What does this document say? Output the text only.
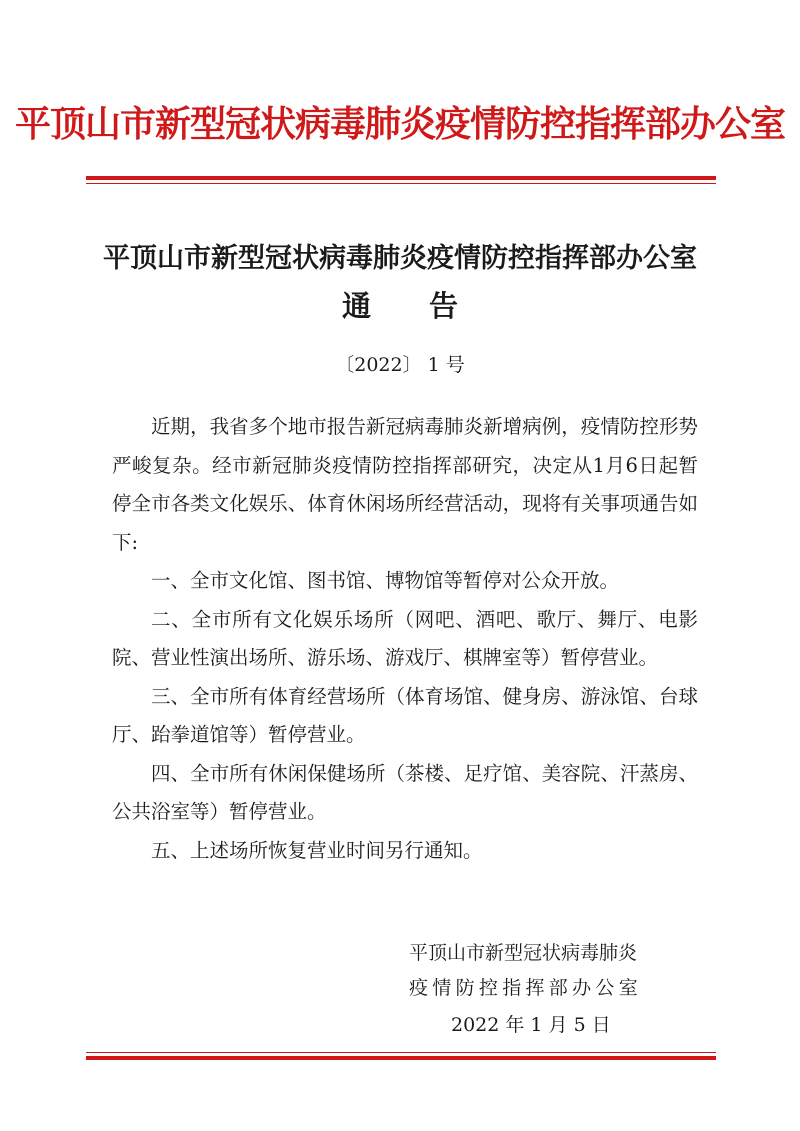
平顶山市新型冠状病毒肺炎疫情防控指挥部办公室
平顶山市新型冠状病毒肺炎疫情防控指挥部办公室
通　　告
〔2022〕 1 号

近期，我省多个地市报告新冠病毒肺炎新增病例，疫情防控形势严峻复杂。经市新冠肺炎疫情防控指挥部研究，决定从1月6日起暂停全市各类文化娱乐、体育休闲场所经营活动，现将有关事项通告如下:

一、全市文化馆、图书馆、博物馆等暂停对公众开放。

二、全市所有文化娱乐场所（网吧、酒吧、歌厅、舞厅、电影院、营业性演出场所、游乐场、游戏厅、棋牌室等）暂停营业。

三、全市所有体育经营场所（体育场馆、健身房、游泳馆、台球厅、跆拳道馆等）暂停营业。

四、全市所有休闲保健场所（茶楼、足疗馆、美容院、汗蒸房、公共浴室等）暂停营业。

五、上述场所恢复营业时间另行通知。

平顶山市新型冠状病毒肺炎
疫情防控指挥部办公室
2022 年 1 月 5 日
